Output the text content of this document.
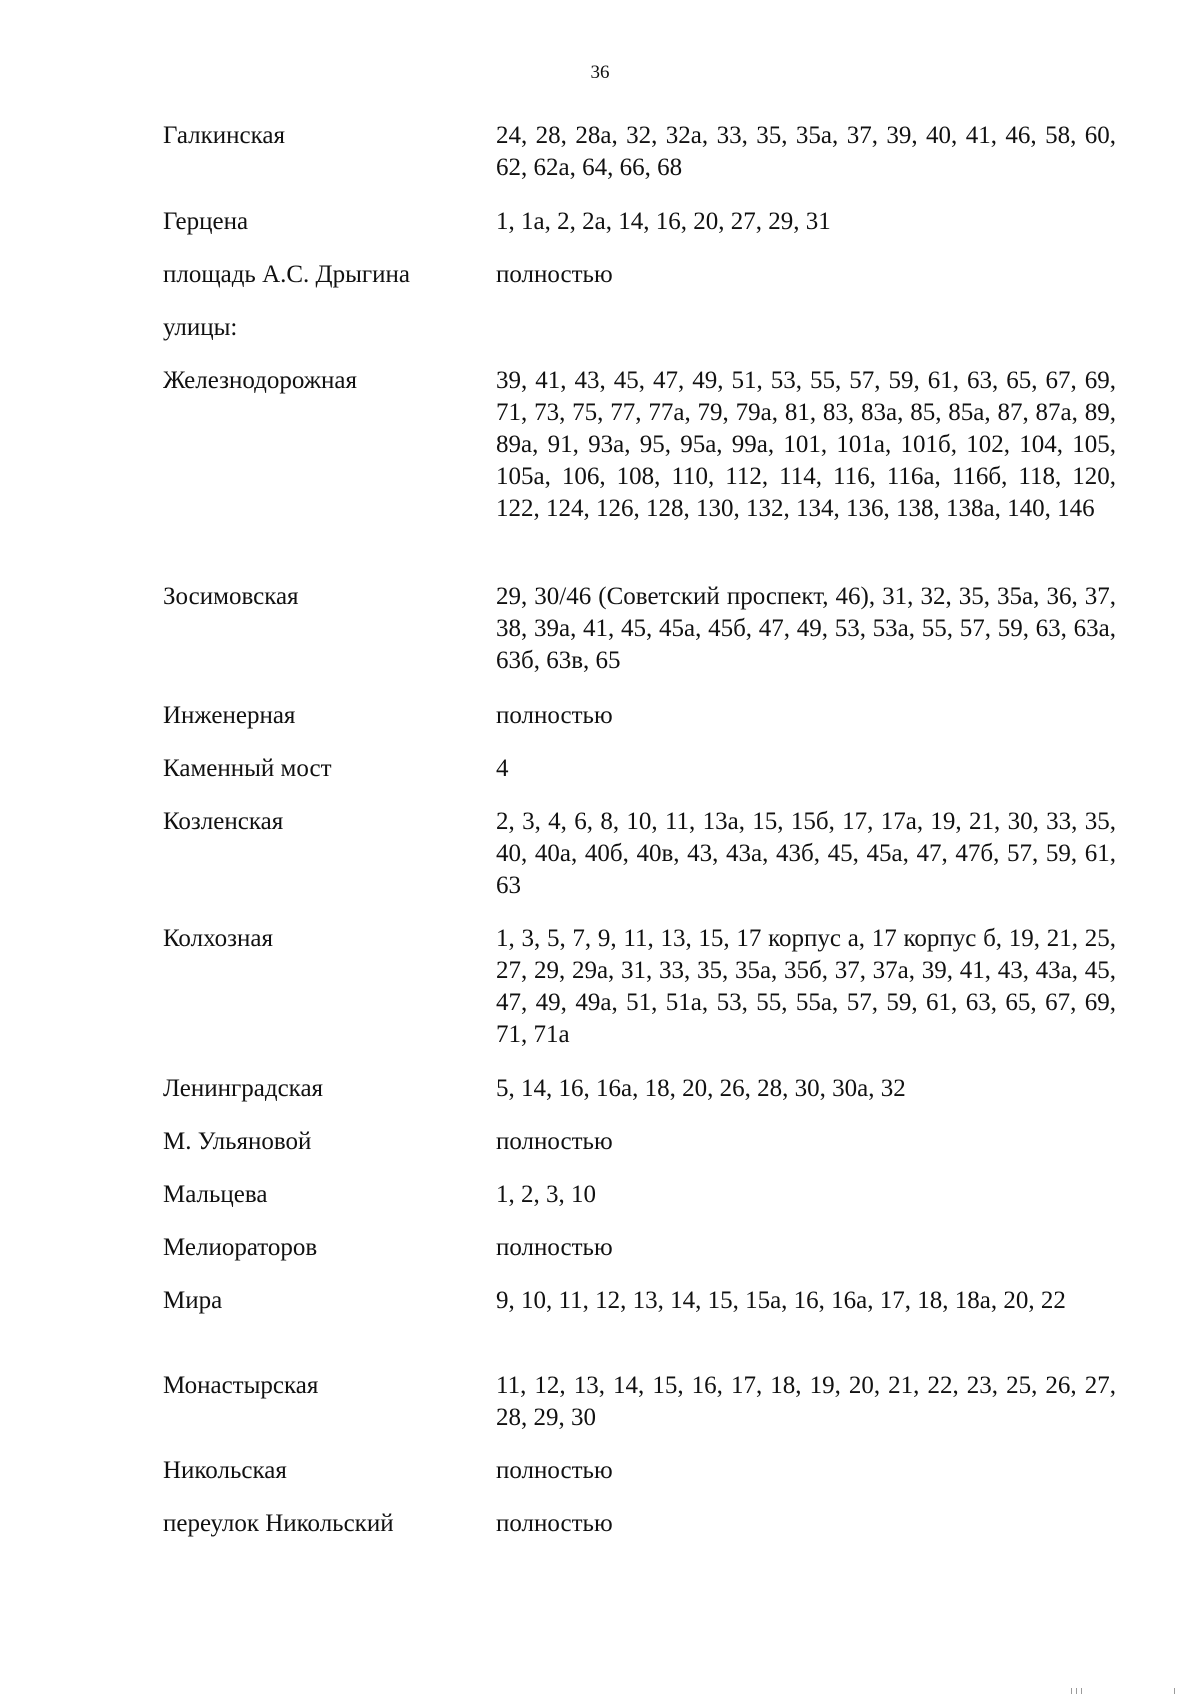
36
Галкинская	24, 28, 28а, 32, 32а, 33, 35, 35а, 37, 39, 40, 41, 46, 58, 60, 62, 62а, 64, 66, 68
Герцена	1, 1а, 2, 2а, 14, 16, 20, 27, 29, 31
площадь А.С. Дрыгина	полностью
улицы:
Железнодорожная	39, 41, 43, 45, 47, 49, 51, 53, 55, 57, 59, 61, 63, 65, 67, 69, 71, 73, 75, 77, 77а, 79, 79а, 81, 83, 83а, 85, 85а, 87, 87а, 89, 89а, 91, 93а, 95, 95а, 99а, 101, 101а, 101б, 102, 104, 105, 105а, 106, 108, 110, 112, 114, 116, 116а, 116б, 118, 120, 122, 124, 126, 128, 130, 132, 134, 136, 138, 138а, 140, 146
Зосимовская	29, 30/46 (Советский проспект, 46), 31, 32, 35, 35а, 36, 37, 38, 39а, 41, 45, 45а, 45б, 47, 49, 53, 53а, 55, 57, 59, 63, 63а, 63б, 63в, 65
Инженерная	полностью
Каменный мост	4
Козленская	2, 3, 4, 6, 8, 10, 11, 13а, 15, 15б, 17, 17а, 19, 21, 30, 33, 35, 40, 40а, 40б, 40в, 43, 43а, 43б, 45, 45а, 47, 47б, 57, 59, 61, 63
Колхозная	1, 3, 5, 7, 9, 11, 13, 15, 17 корпус а, 17 корпус б, 19, 21, 25, 27, 29, 29а, 31, 33, 35, 35а, 35б, 37, 37а, 39, 41, 43, 43а, 45, 47, 49, 49а, 51, 51а, 53, 55, 55а, 57, 59, 61, 63, 65, 67, 69, 71, 71а
Ленинградская	5, 14, 16, 16а, 18, 20, 26, 28, 30, 30а, 32
М. Ульяновой	полностью
Мальцева	1, 2, 3, 10
Мелиораторов	полностью
Мира	9, 10, 11, 12, 13, 14, 15, 15а, 16, 16а, 17, 18, 18а, 20, 22
Монастырская	11, 12, 13, 14, 15, 16, 17, 18, 19, 20, 21, 22, 23, 25, 26, 27, 28, 29, 30
Никольская	полностью
переулок Никольский	полностью
